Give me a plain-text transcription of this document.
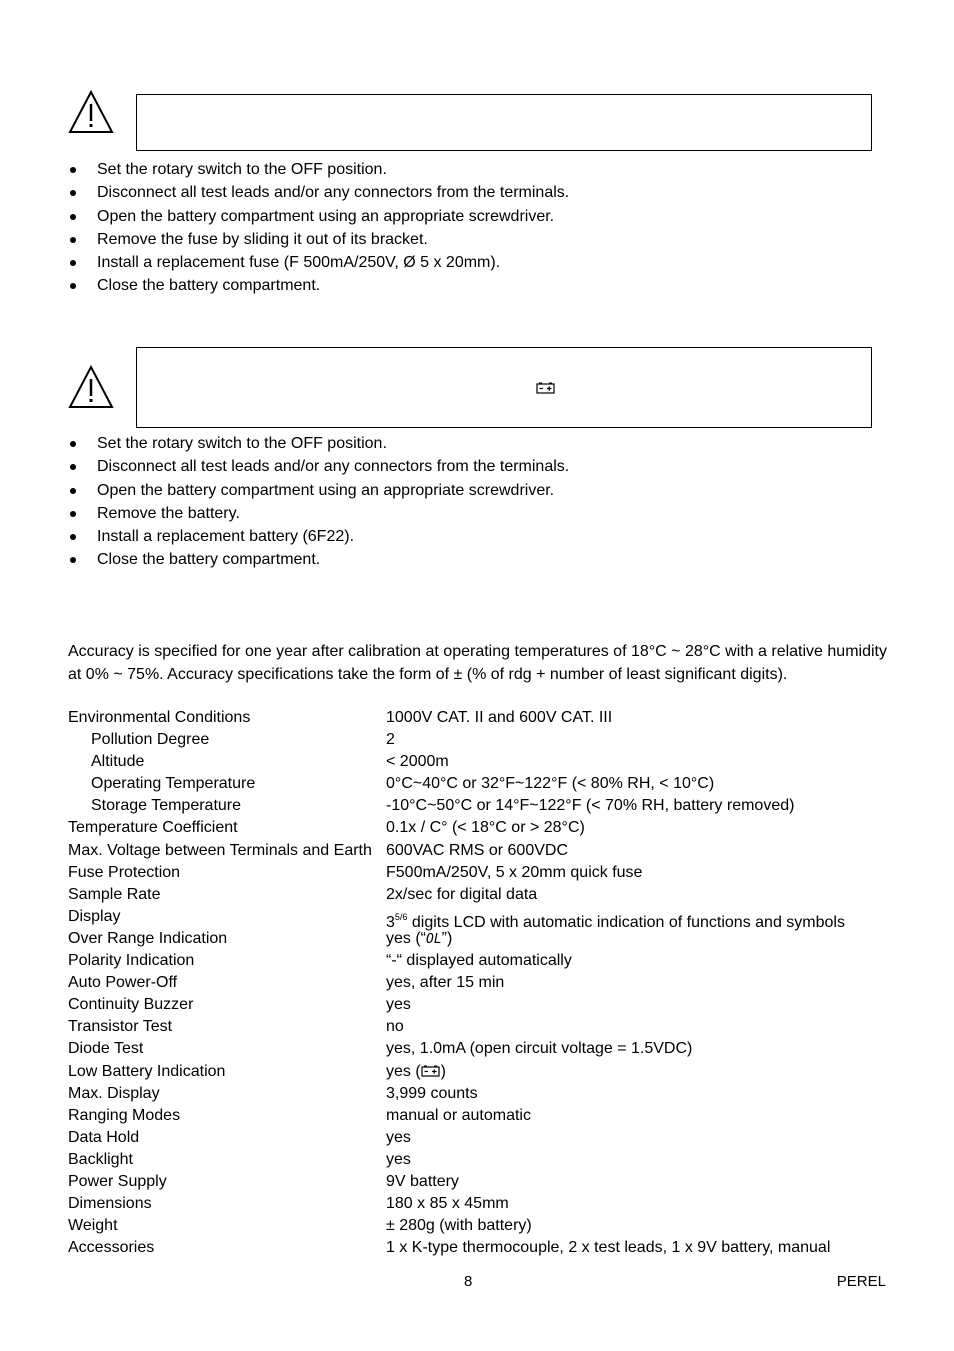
Set the rotary switch to the OFF position.
Disconnect all test leads and/or any connectors from the terminals.
Open the battery compartment using an appropriate screwdriver.
Remove the fuse by sliding it out of its bracket.
Install a replacement fuse (F 500mA/250V, Ø 5 x 20mm).
Close the battery compartment.
Set the rotary switch to the OFF position.
Disconnect all test leads and/or any connectors from the terminals.
Open the battery compartment using an appropriate screwdriver.
Remove the battery.
Install a replacement battery (6F22).
Close the battery compartment.
Accuracy is specified for one year after calibration at operating temperatures of 18°C ~ 28°C with a relative humidity
at 0% ~ 75%. Accuracy specifications take the form of ± (% of rdg + number of least significant digits).
Environmental Conditions	1000V CAT. II and 600V CAT. III
Pollution Degree	2
Altitude	< 2000m
Operating Temperature	0°C~40°C or 32°F~122°F (< 80% RH, < 10°C)
Storage Temperature	-10°C~50°C or 14°F~122°F (< 70% RH, battery removed)
Temperature Coefficient	0.1x / C° (< 18°C or > 28°C)
Max. Voltage between Terminals and Earth 600VAC RMS or 600VDC
Fuse Protection	F500mA/250V, 5 x 20mm quick fuse
Sample Rate	2x/sec for digital data
Display	$3^{5/6}$ digits LCD with automatic indication of functions and symbols
Over Range Indication	yes (“OL”)
Polarity Indication	“-“ displayed automatically
Auto Power-Off	yes, after 15 min
Continuity Buzzer	yes
Transistor Test	no
Diode Test	yes, 1.0mA (open circuit voltage = 1.5VDC)
Low Battery Indication	yes ( )
Max. Display	3,999 counts
Ranging Modes	manual or automatic
Data Hold	yes
Backlight	yes
Power Supply	9V battery
Dimensions	180 x 85 x 45mm
Weight	± 280g (with battery)
Accessories	1 x K-type thermocouple, 2 x test leads, 1 x 9V battery, manual
8	PEREL
